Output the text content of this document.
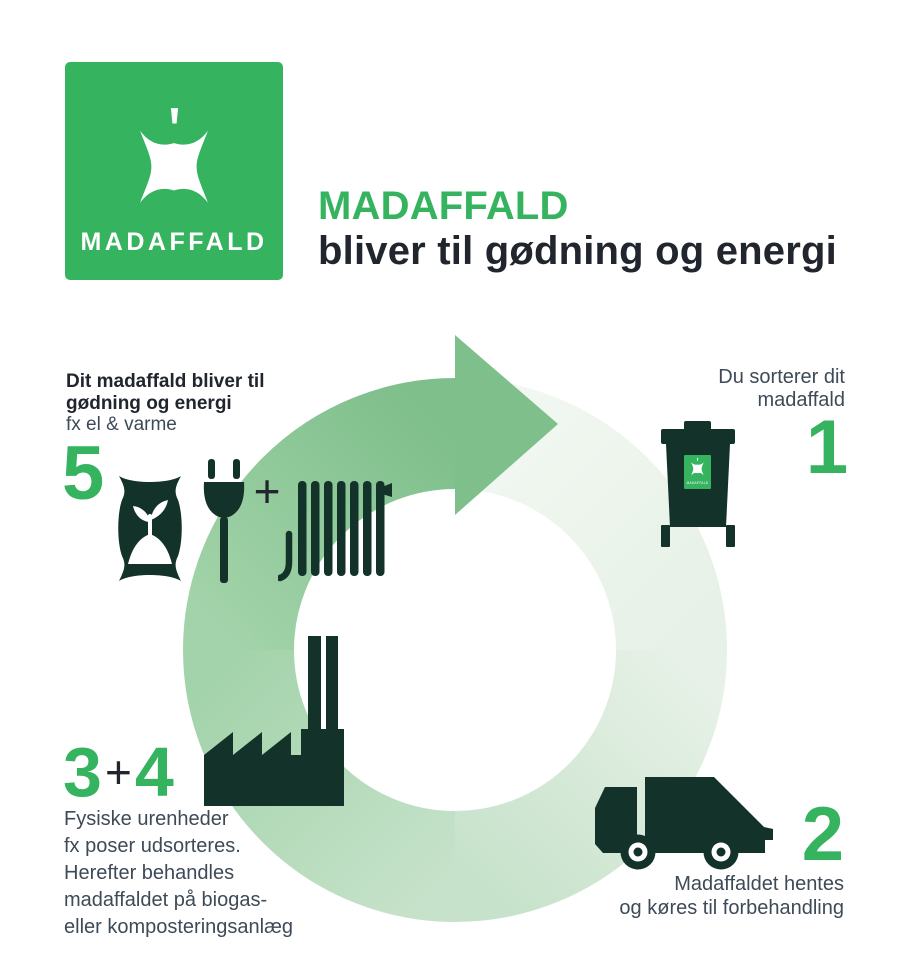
MADAFFALD
MADAFFALD
bliver til gødning og energi
Dit madaffald bliver til
gødning og energi
fx el & varme
5	+
Du sorterer dit
madaffald
MADAFFALD 1
2
Madaffaldet hentes
og køres til forbehandling
3+4
Fysiske urenheder
fx poser udsorteres.
Herefter behandles
madaffaldet på biogas-
eller komposteringsanlæg
